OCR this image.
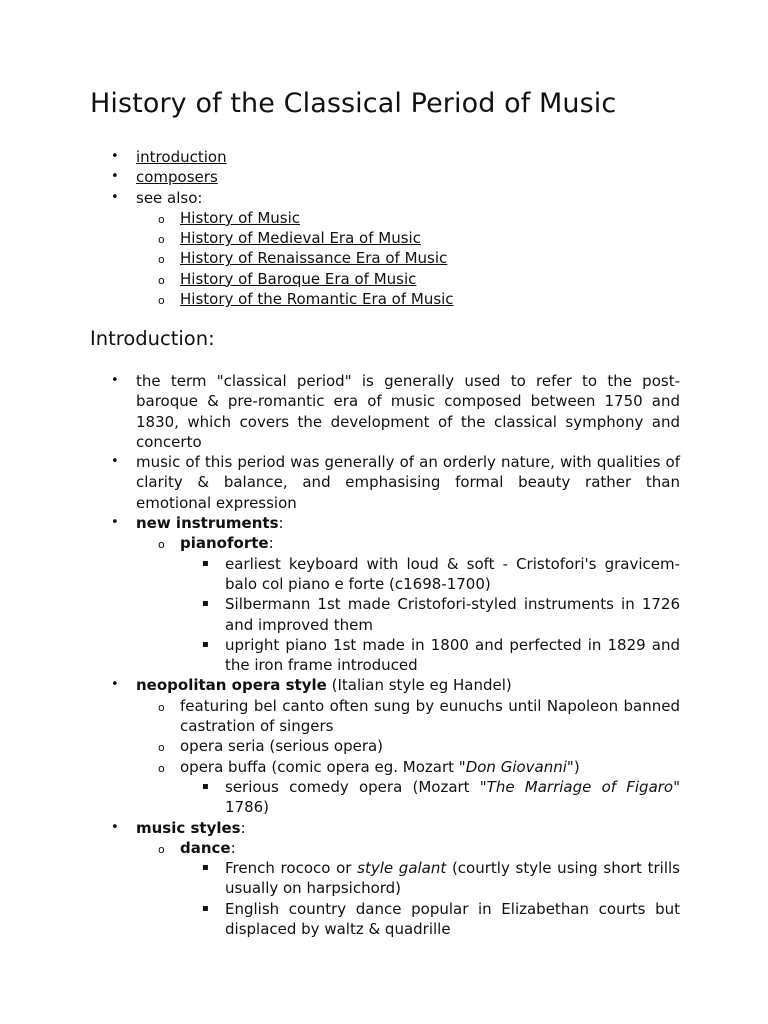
History of the Classical Period of Music
• introduction
• composers
• see also:
o History of Music
o History of Medieval Era of Music
o History of Renaissance Era of Music
o History of Baroque Era of Music
o History of the Romantic Era of Music
Introduction:
• the term "classical period" is generally used to refer to the post-baroque & pre-romantic era of music composed between 1750 and 1830, which covers the development of the classical symphony and concerto
• music of this period was generally of an orderly nature, with qualities of clarity & balance, and emphasising formal beauty rather than emotional expression
• new instruments:
o pianoforte:
▪ earliest keyboard with loud & soft - Cristofori's gravicem-balo col piano e forte (c1698-1700)
▪ Silbermann 1st made Cristofori-styled instruments in 1726 and improved them
▪ upright piano 1st made in 1800 and perfected in 1829 and the iron frame introduced
• neopolitan opera style (Italian style eg Handel)
o featuring bel canto often sung by eunuchs until Napoleon banned castration of singers
o opera seria (serious opera)
o opera buffa (comic opera eg. Mozart "Don Giovanni")
▪ serious comedy opera (Mozart "The Marriage of Figaro" 1786)
• music styles:
o dance:
▪ French rococo or style galant (courtly style using short trills usually on harpsichord)
▪ English country dance popular in Elizabethan courts but displaced by waltz & quadrille
